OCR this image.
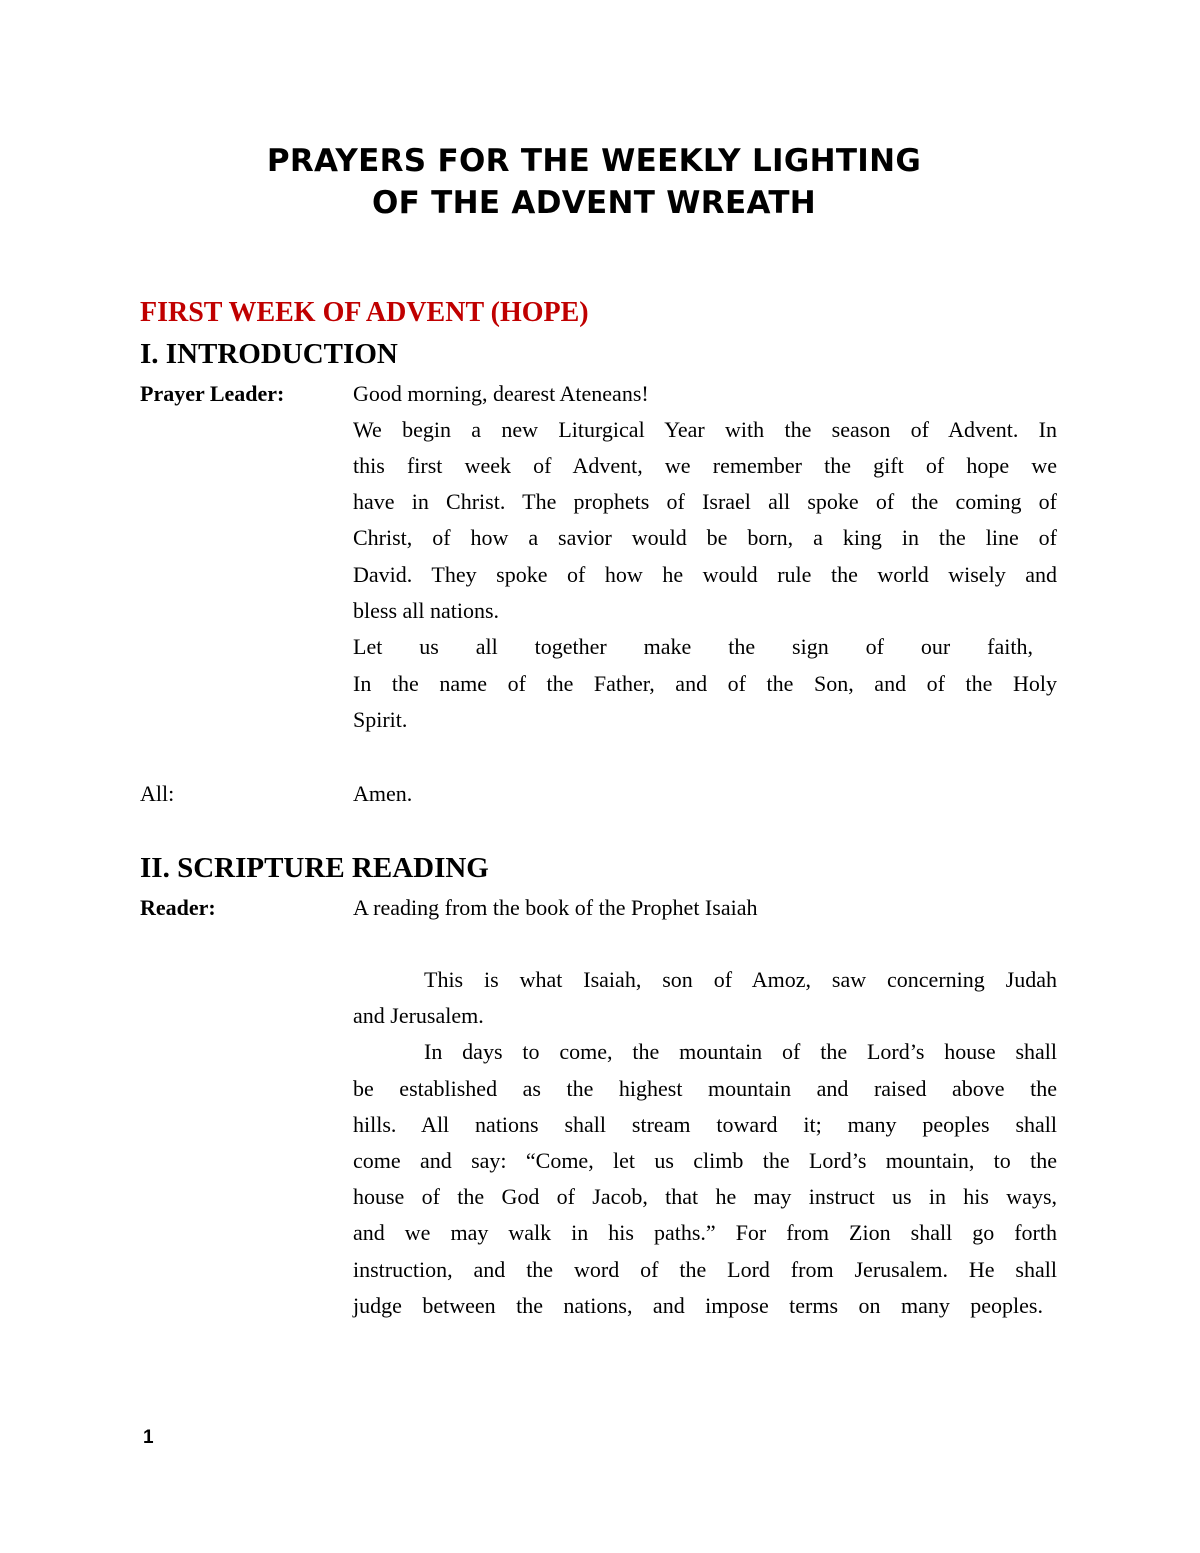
PRAYERS FOR THE WEEKLY LIGHTING
OF THE ADVENT WREATH
FIRST WEEK OF ADVENT (HOPE)
I. INTRODUCTION
Prayer Leader:	Good morning, dearest Ateneans!
We begin a new Liturgical Year with the season of Advent. In
this first week of Advent, we remember the gift of hope we
have in Christ. The prophets of Israel all spoke of the coming of
Christ, of how a savior would be born, a king in the line of
David. They spoke of how he would rule the world wisely and
bless all nations.
Let us all together make the sign of our faith,
In the name of the Father, and of the Son, and of the Holy
Spirit.
All:	Amen.
II. SCRIPTURE READING
Reader:	A reading from the book of the Prophet Isaiah
This is what Isaiah, son of Amoz, saw concerning Judah
and Jerusalem.
In days to come, the mountain of the Lord’s house shall
be established as the highest mountain and raised above the
hills. All nations shall stream toward it; many peoples shall
come and say: “Come, let us climb the Lord’s mountain, to the
house of the God of Jacob, that he may instruct us in his ways,
and we may walk in his paths.” For from Zion shall go forth
instruction, and the word of the Lord from Jerusalem. He shall
judge between the nations, and impose terms on many peoples.
1
